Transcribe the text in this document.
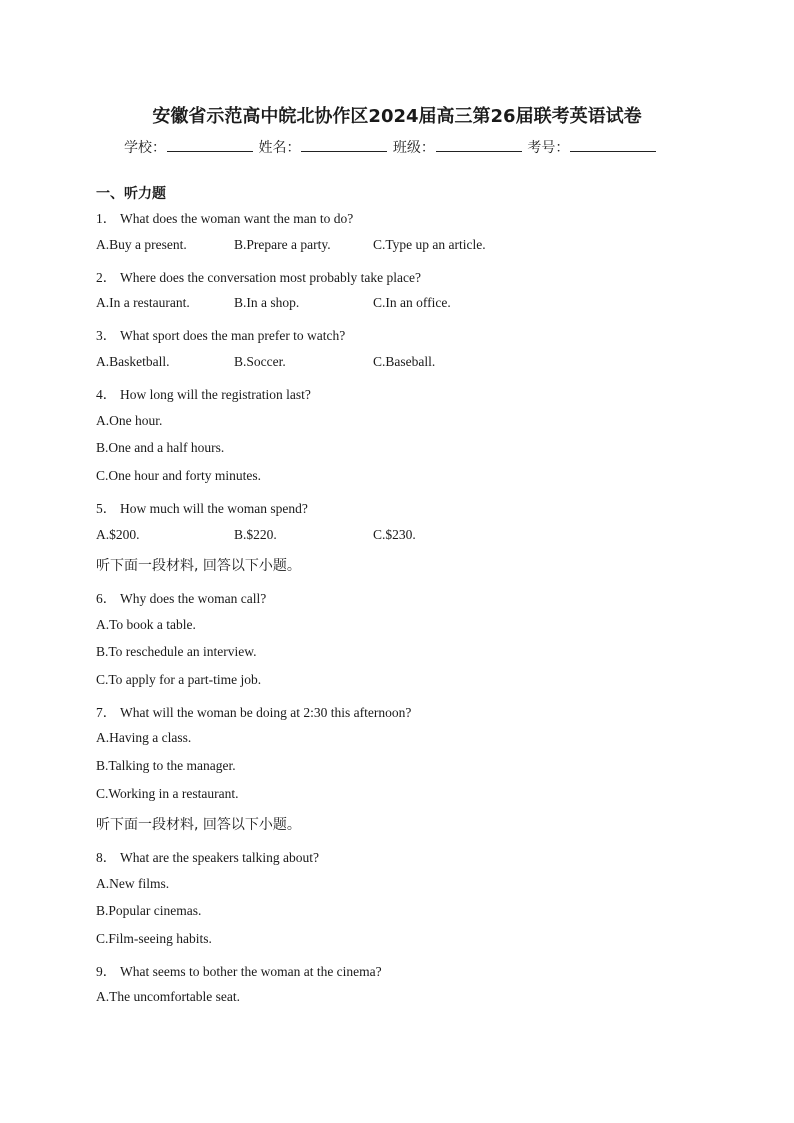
安徽省示范高中皖北协作区2024届高三第26届联考英语试卷
学校：	姓名：	班级：	考号：
一、听力题
1． What does the woman want the man to do?
A.Buy a present.	B.Prepare a party.	C.Type up an article.
2． Where does the conversation most probably take place?
A.In a restaurant.	B.In a shop.	C.In an office.
3． What sport does the man prefer to watch?
A.Basketball.	B.Soccer.	C.Baseball.
4． How long will the registration last?
A.One hour.
B.One and a half hours.
C.One hour and forty minutes.
5． How much will the woman spend?
A.$200.	B.$220.	C.$230.
听下面一段材料, 回答以下小题。
6． Why does the woman call?
A.To book a table.
B.To reschedule an interview.
C.To apply for a part-time job.
7． What will the woman be doing at 2:30 this afternoon?
A.Having a class.
B.Talking to the manager.
C.Working in a restaurant.
听下面一段材料, 回答以下小题。
8． What are the speakers talking about?
A.New films.
B.Popular cinemas.
C.Film-seeing habits.
9． What seems to bother the woman at the cinema?
A.The uncomfortable seat.
